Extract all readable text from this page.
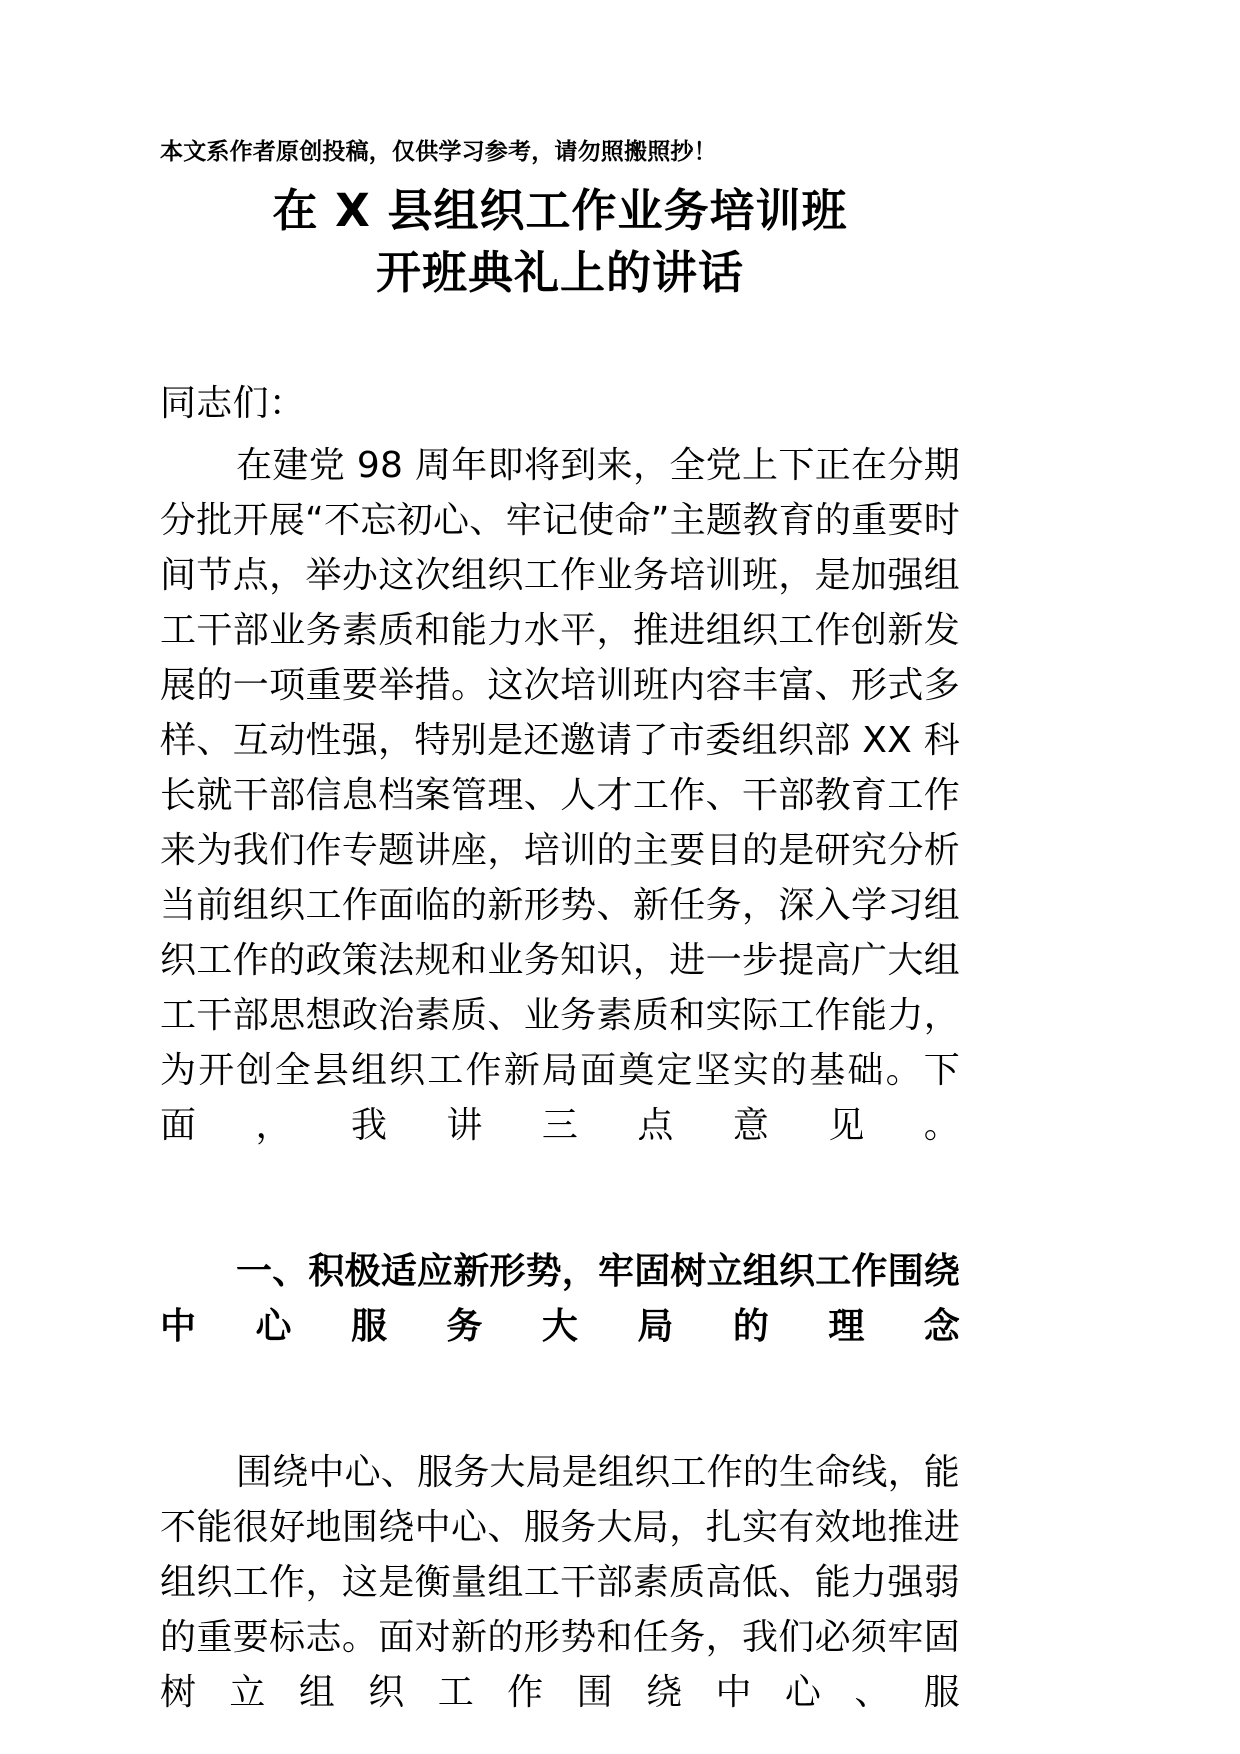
本文系作者原创投稿，仅供学习参考，请勿照搬照抄！
在 X 县组织工作业务培训班
开班典礼上的讲话
同志们：

在建党 98 周年即将到来，全党上下正在分期分批开展“不忘初心、牢记使命”主题教育的重要时间节点，举办这次组织工作业务培训班，是加强组工干部业务素质和能力水平，推进组织工作创新发展的一项重要举措。这次培训班内容丰富、形式多样、互动性强，特别是还邀请了市委组织部 XX 科长就干部信息档案管理、人才工作、干部教育工作来为我们作专题讲座，培训的主要目的是研究分析当前组织工作面临的新形势、新任务，深入学习组织工作的政策法规和业务知识，进一步提高广大组工干部思想政治素质、业务素质和实际工作能力，为开创全县组织工作新局面奠定坚实的基础。下面，我讲三点意见。

一、积极适应新形势，牢固树立组织工作围绕中心服务大局的理念

围绕中心、服务大局是组织工作的生命线，能不能很好地围绕中心、服务大局，扎实有效地推进组织工作，这是衡量组工干部素质高低、能力强弱的重要标志。面对新的形势和任务，我们必须牢固树立组织工作围绕中心、服
